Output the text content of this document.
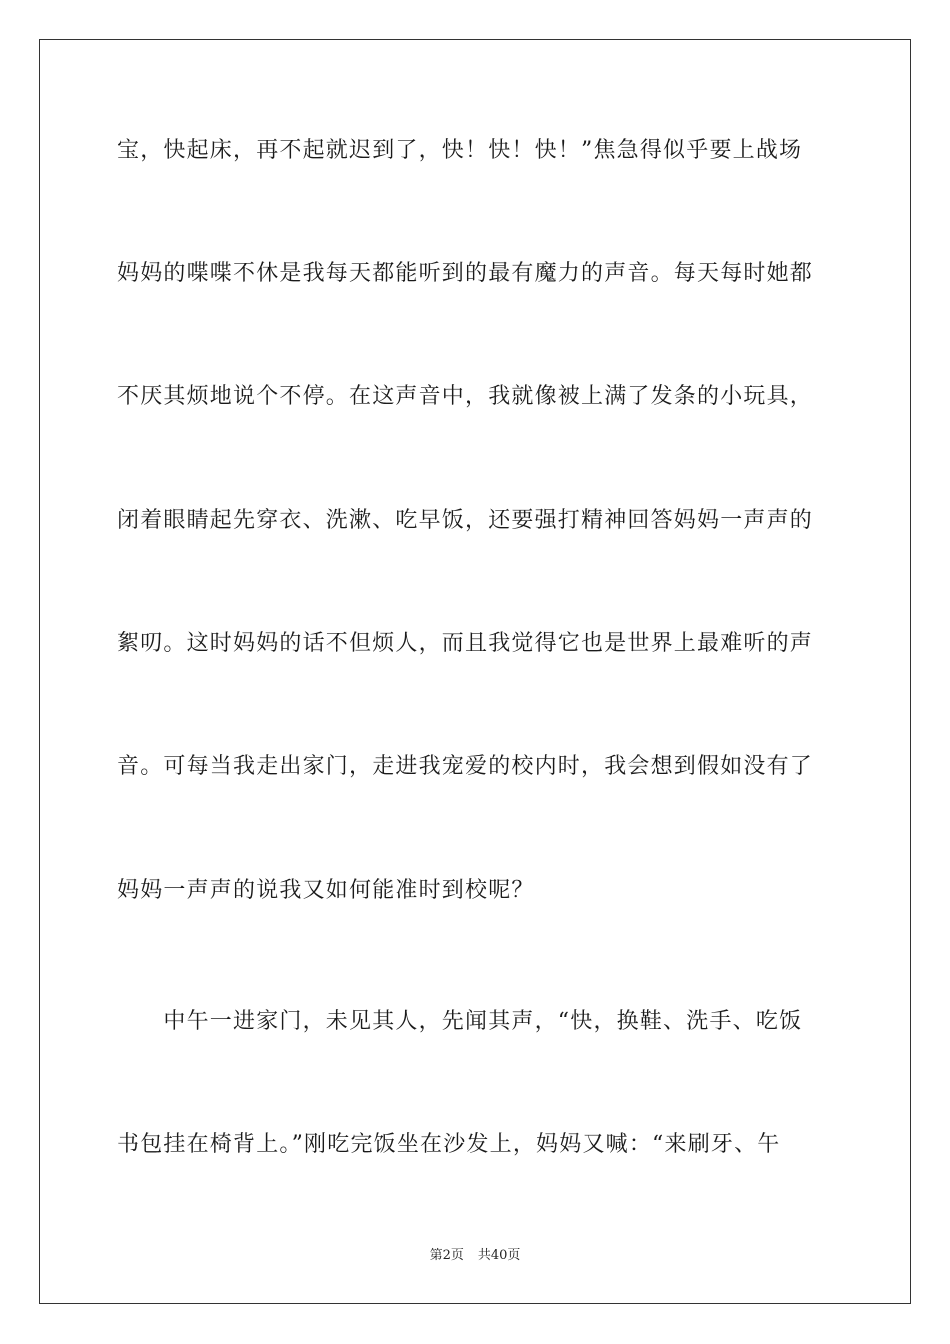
宝，快起床，再不起就迟到了，快！快！快！”焦急得似乎要上战场
妈妈的喋喋不休是我每天都能听到的最有魔力的声音。每天每时她都
不厌其烦地说个不停。在这声音中，我就像被上满了发条的小玩具，
闭着眼睛起先穿衣、洗漱、吃早饭，还要强打精神回答妈妈一声声的
絮叨。这时妈妈的话不但烦人，而且我觉得它也是世界上最难听的声
音。可每当我走出家门，走进我宠爱的校内时，我会想到假如没有了
妈妈一声声的说我又如何能准时到校呢？
　　中午一进家门，未见其人，先闻其声，“快，换鞋、洗手、吃饭
书包挂在椅背上。”刚吃完饭坐在沙发上，妈妈又喊：“来刷牙、午
第2页 共40页
